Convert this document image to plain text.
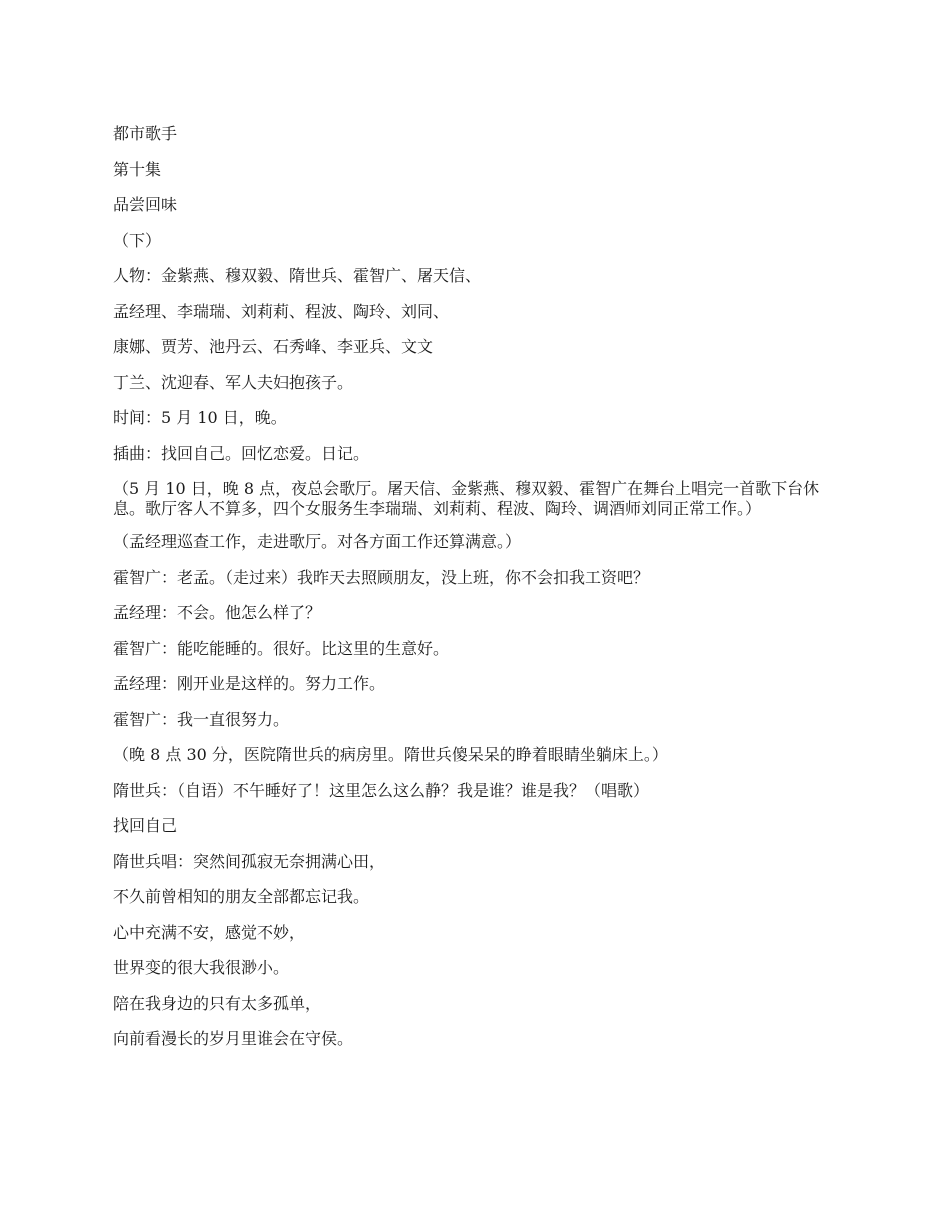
都市歌手

第十集

品尝回味

（下）

人物：金紫燕、穆双毅、隋世兵、霍智广、屠天信、

孟经理、李瑞瑞、刘莉莉、程波、陶玲、刘同、

康娜、贾芳、池丹云、石秀峰、李亚兵、文文

丁兰、沈迎春、军人夫妇抱孩子。

时间：5 月 10 日，晚。

插曲：找回自己。回忆恋爱。日记。

（5 月 10 日，晚 8 点，夜总会歌厅。屠天信、金紫燕、穆双毅、霍智广在舞台上唱完一首歌下台休息。歌厅客人不算多，四个女服务生李瑞瑞、刘莉莉、程波、陶玲、调酒师刘同正常工作。）

（孟经理巡查工作，走进歌厅。对各方面工作还算满意。）

霍智广：老孟。（走过来）我昨天去照顾朋友，没上班，你不会扣我工资吧？

孟经理：不会。他怎么样了？

霍智广：能吃能睡的。很好。比这里的生意好。

孟经理：刚开业是这样的。努力工作。

霍智广：我一直很努力。

（晚 8 点 30 分，医院隋世兵的病房里。隋世兵傻呆呆的睁着眼睛坐躺床上。）

隋世兵：（自语）不午睡好了！这里怎么这么静？我是谁？谁是我？（唱歌）

找回自己

隋世兵唱：突然间孤寂无奈拥满心田，

不久前曾相知的朋友全部都忘记我。

心中充满不安，感觉不妙，

世界变的很大我很渺小。

陪在我身边的只有太多孤单，

向前看漫长的岁月里谁会在守侯。
